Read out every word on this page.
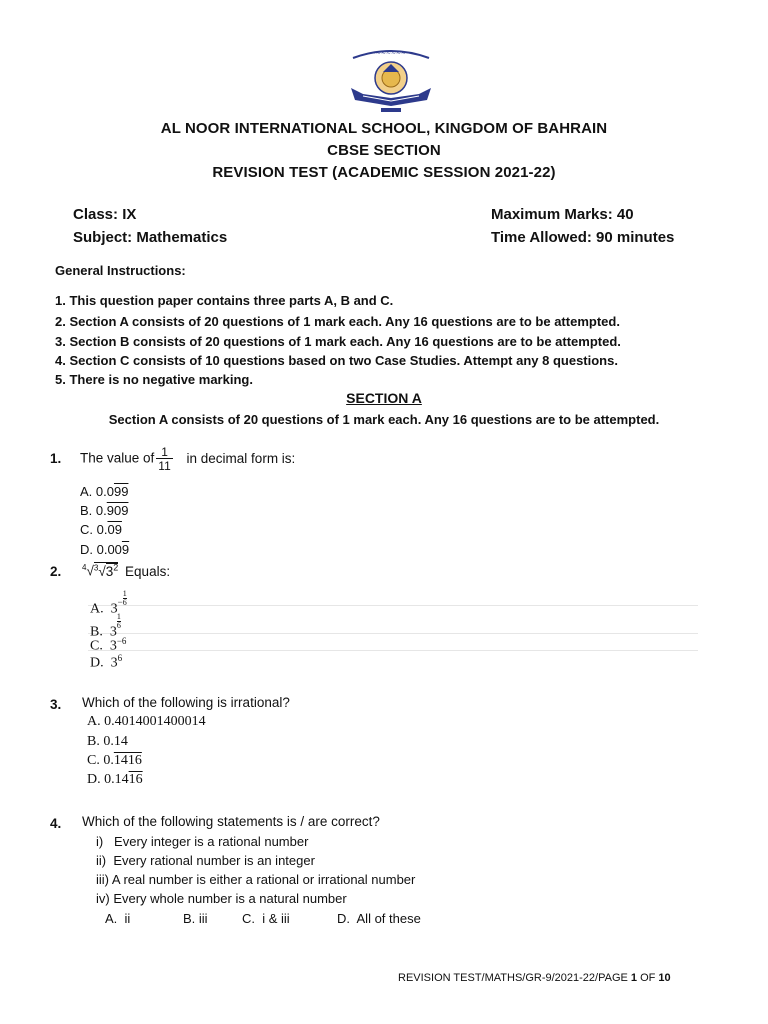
~~~~~~~~
AL NOOR INTERNATIONAL SCHOOL, KINGDOM OF BAHRAIN
CBSE SECTION
REVISION TEST (ACADEMIC SESSION 2021-22)
Class: IX
Subject: Mathematics
Maximum Marks: 40
Time Allowed: 90 minutes
General Instructions:
1. This question paper contains three parts A, B and C.
2. Section A consists of 20 questions of 1 mark each. Any 16 questions are to be attempted.
3. Section B consists of 20 questions of 1 mark each. Any 16 questions are to be attempted.
4. Section C consists of 10 questions based on two Case Studies. Attempt any 8 questions.
5. There is no negative marking.
SECTION A
Section A consists of 20 questions of 1 mark each. Any 16 questions are to be attempted.
1. The value of $\frac{1}{11}$ in decimal form is:
A. 0.099
B. 0.909
C. 0.09
D. 0.009
2.	$^4√^3√3^2$ Equals:
A. $3- \frac{1}{6}$
B. 3
$\frac{1}{6}$
C. $3^{-6}$
D. $3^6$
3. Which of the following is irrational?
A. 0.4014001400014
B. 0.14
C. 0.1416
D. 0.1416
4. Which of the following statements is / are correct?
i)   Every integer is a rational number
ii)  Every rational number is an integer
iii) A real number is either a rational or irrational number
iv) Every whole number is a natural number
A.  ii	B. iii	C.  i & iii	D.  All of these
REVISION TEST/MATHS/GR-9/2021-22/PAGE 1 OF 10
